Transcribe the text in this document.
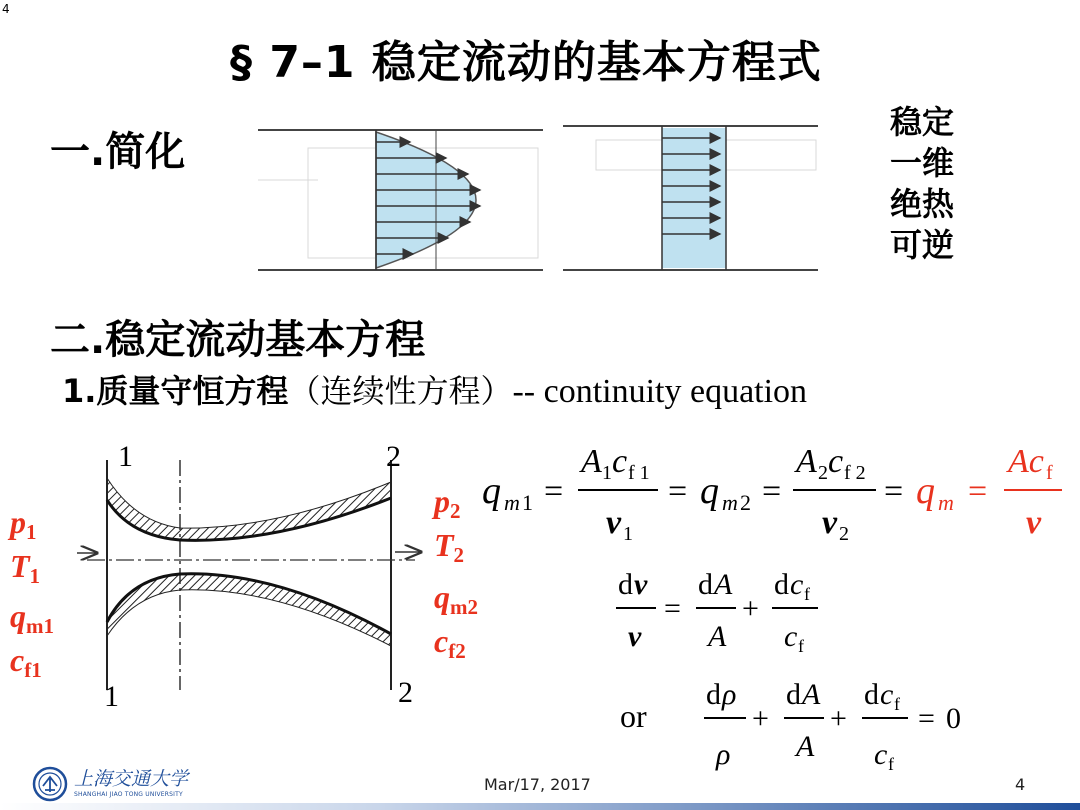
4
§ 7–1 稳定流动的基本方程式
一.简化
稳定
一维
绝热
可逆
二.稳定流动基本方程
1.质量守恒方程（连续性方程）-- continuity equation
1	2
1	2
$p_1$
$T_1$
$q_{m1}$
$c_{f1}$
$p_2$
$T_2$
$q_{m2}$
$c_{f2}$
q m 1 =
A 1 c f 1
v 1
= q m 2 =
A 2 c f 2
v 2
= q m =
Ac f
v
d v
v
=
d A
A
+
d c f
c f
or
d ρ
ρ
+
d A
A
+
d c f
c f
= 0
上海交通大学
SHANGHAI JIAO TONG UNIVERSITY
Mar/17, 2017	4
